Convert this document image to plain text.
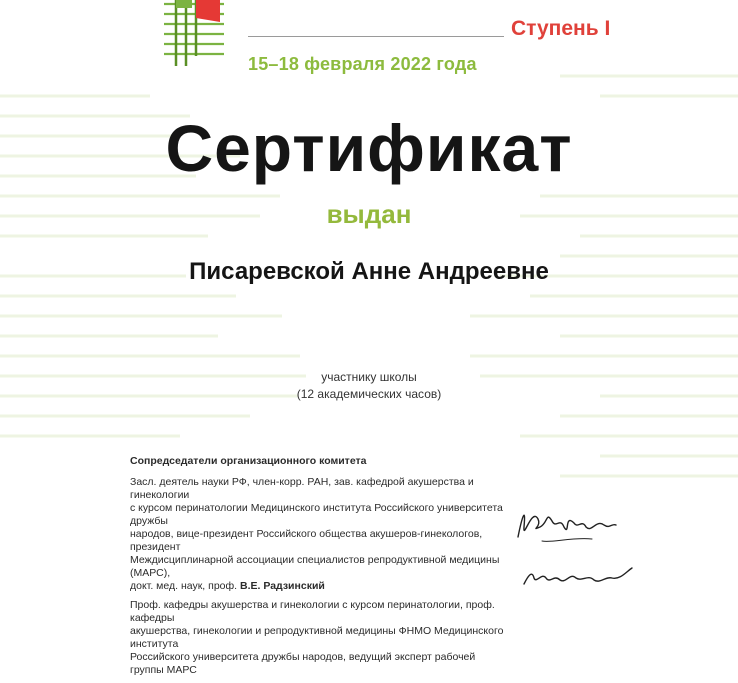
Ступень I
15–18 февраля 2022 года
Сертификат
выдан
Писаревской Анне Андреевне
участнику школы
(12 академических часов)
Сопредседатели организационного комитета

Засл. деятель науки РФ, член-корр. РАН, зав. кафедрой акушерства и гинекологии
с курсом перинатологии Медицинского института Российского университета дружбы
народов, вице-президент Российского общества акушеров-гинекологов, президент
Междисциплинарной ассоциации специалистов репродуктивной медицины (МАРС),
докт. мед. наук, проф. В.Е. Радзинский

Проф. кафедры акушерства и гинекологии с курсом перинатологии, проф. кафедры
акушерства, гинекологии и репродуктивной медицины ФНМО Медицинского института
Российского университета дружбы народов, ведущий эксперт рабочей группы МАРС
